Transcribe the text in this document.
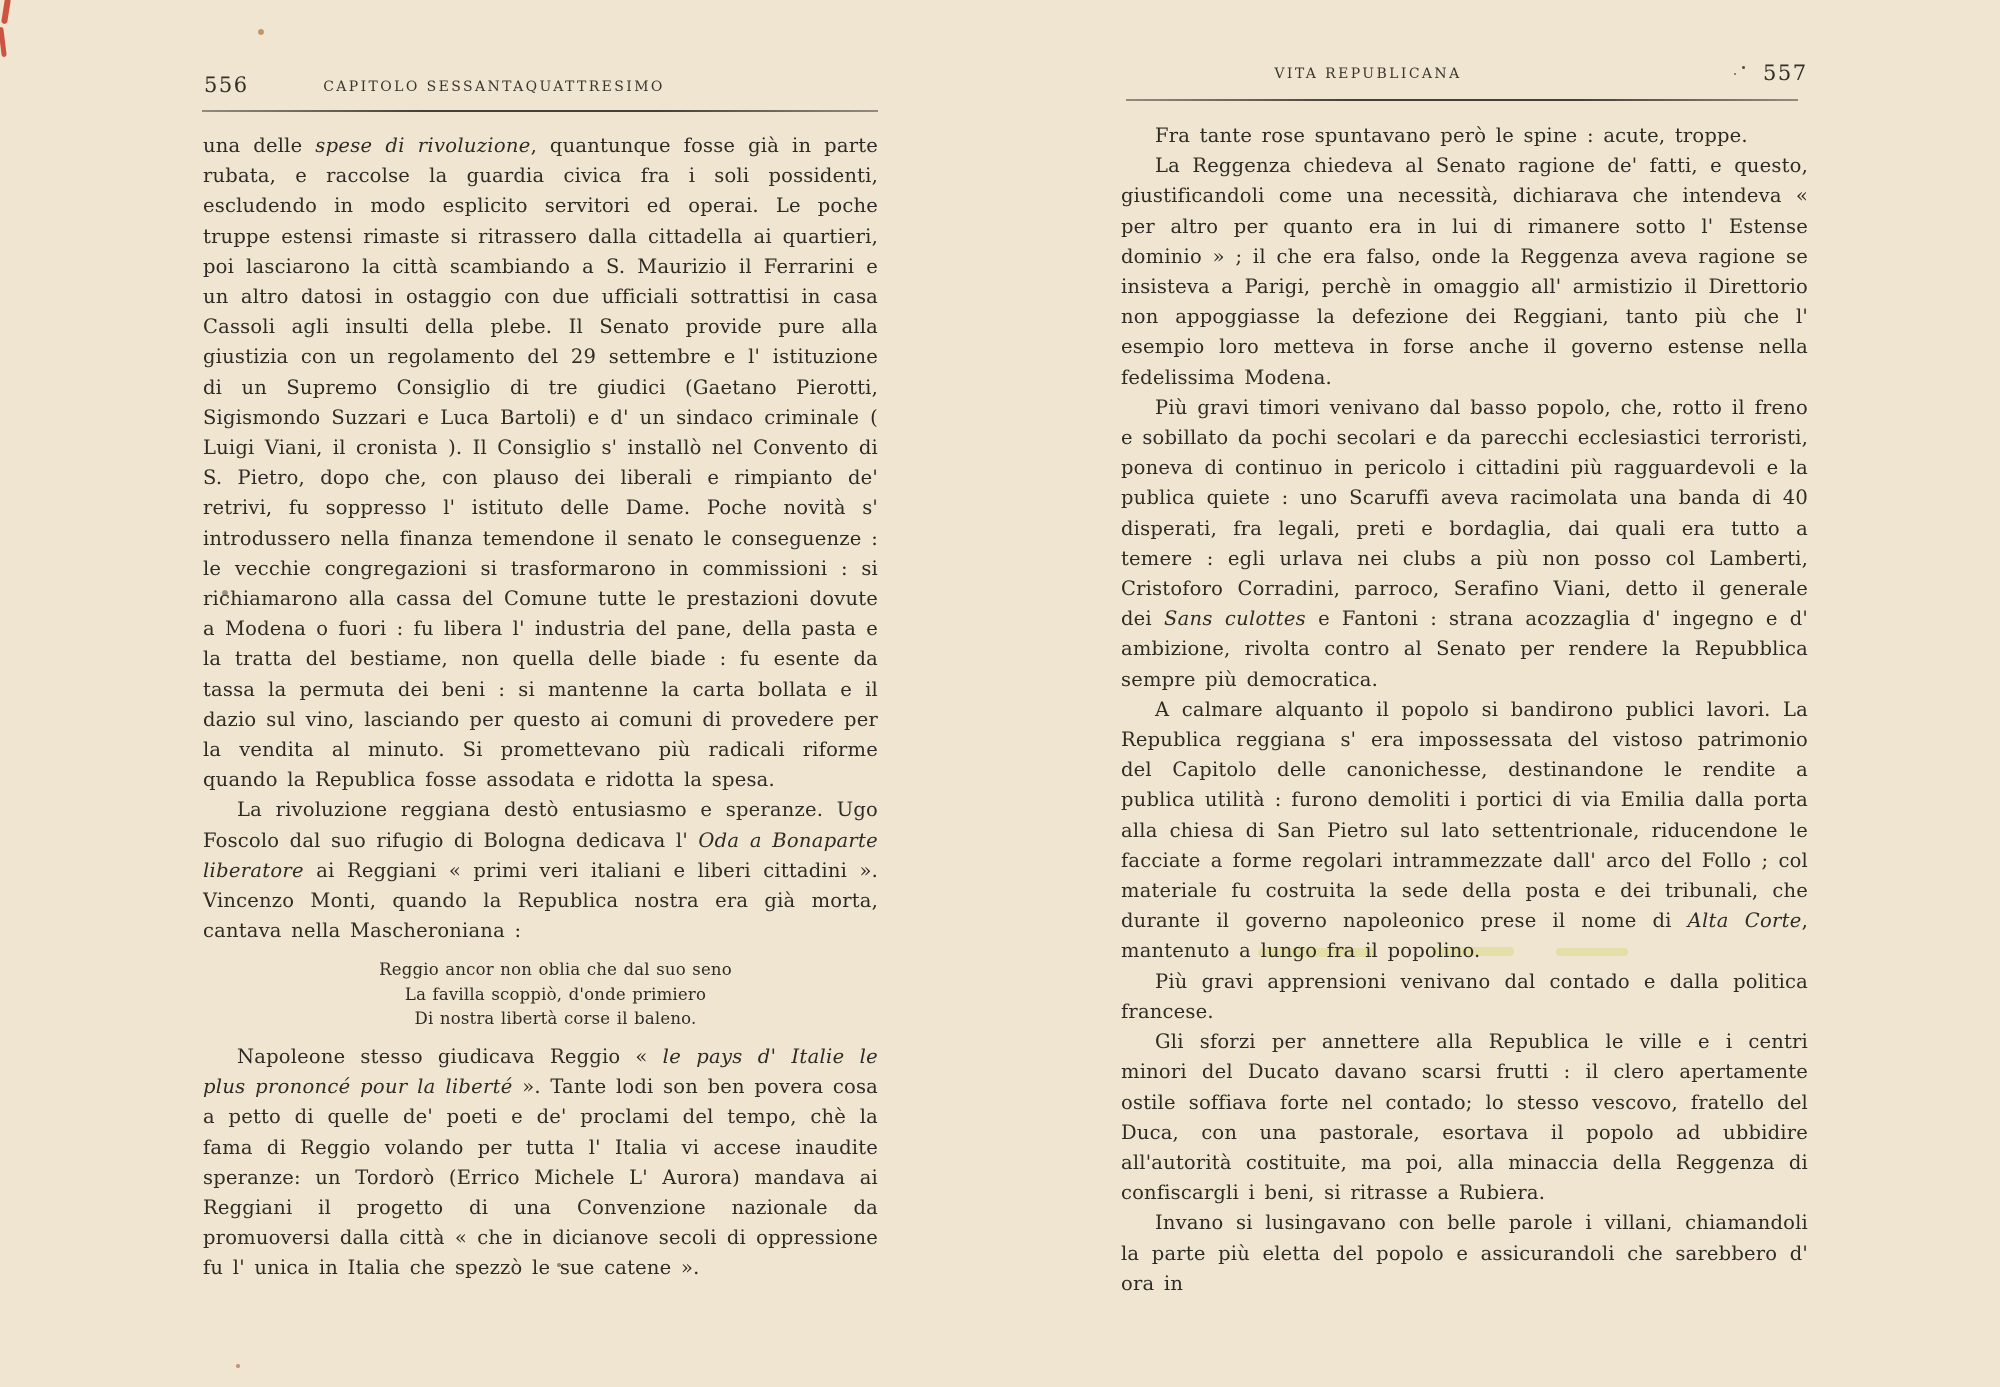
556	CAPITOLO SESSANTAQUATTRESIMO

una delle spese di rivoluzione, quantunque fosse già in parte rubata, e raccolse la guardia civica fra i soli possidenti, escludendo in modo esplicito servitori ed operai. Le poche truppe estensi rimaste si ritrassero dalla cittadella ai quartieri, poi lasciarono la città scambiando a S. Maurizio il Ferrarini e un altro datosi in ostaggio con due ufficiali sottrattisi in casa Cassoli agli insulti della plebe. Il Senato provide pure alla giustizia con un regolamento del 29 settembre e l' istituzione di un Supremo Consiglio di tre giudici (Gaetano Pierotti, Sigismondo Suzzari e Luca Bartoli) e d' un sindaco criminale ( Luigi Viani, il cronista ). Il Consiglio s' installò nel Convento di S. Pietro, dopo che, con plauso dei liberali e rimpianto de' retrivi, fu soppresso l' istituto delle Dame. Poche novità s' introdussero nella finanza temendone il senato le conseguenze : le vecchie congregazioni si trasformarono in commissioni : si richiamarono alla cassa del Comune tutte le prestazioni dovute a Modena o fuori : fu libera l' industria del pane, della pasta e la tratta del bestiame, non quella delle biade : fu esente da tassa la permuta dei beni : si mantenne la carta bollata e il dazio sul vino, lasciando per questo ai comuni di provedere per la vendita al minuto. Si promettevano più radicali riforme quando la Republica fosse assodata e ridotta la spesa.

La rivoluzione reggiana destò entusiasmo e speranze. Ugo Foscolo dal suo rifugio di Bologna dedicava l' Oda a Bonaparte liberatore ai Reggiani « primi veri italiani e liberi cittadini ». Vincenzo Monti, quando la Republica nostra era già morta, cantava nella Mascheroniana :

Reggio ancor non oblia che dal suo seno
La favilla scoppiò, d'onde primiero
Di nostra libertà corse il baleno.

Napoleone stesso giudicava Reggio « le pays d' Italie le plus prononcé pour la liberté ». Tante lodi son ben povera cosa a petto di quelle de' poeti e de' proclami del tempo, chè la fama di Reggio volando per tutta l' Italia vi accese inaudite speranze: un Tordorò (Errico Michele L' Aurora) mandava ai Reggiani il progetto di una Convenzione nazionale da promuoversi dalla città « che in dicianove secoli di oppressione fu l' unica in Italia che spezzò le sue catene ».

VITA REPUBLICANA	557

Fra tante rose spuntavano però le spine : acute, troppe.

La Reggenza chiedeva al Senato ragione de' fatti, e questo, giustificandoli come una necessità, dichiarava che intendeva « per altro per quanto era in lui di rimanere sotto l' Estense dominio » ; il che era falso, onde la Reggenza aveva ragione se insisteva a Parigi, perchè in omaggio all' armistizio il Direttorio non appoggiasse la defezione dei Reggiani, tanto più che l' esempio loro metteva in forse anche il governo estense nella fedelissima Modena.

Più gravi timori venivano dal basso popolo, che, rotto il freno e sobillato da pochi secolari e da parecchi ecclesiastici terroristi, poneva di continuo in pericolo i cittadini più ragguardevoli e la publica quiete : uno Scaruffi aveva racimolata una banda di 40 disperati, fra legali, preti e bordaglia, dai quali era tutto a temere : egli urlava nei clubs a più non posso col Lamberti, Cristoforo Corradini, parroco, Serafino Viani, detto il generale dei Sans culottes e Fantoni : strana acozzaglia d' ingegno e d' ambizione, rivolta contro al Senato per rendere la Repubblica sempre più democratica.

A calmare alquanto il popolo si bandirono publici lavori. La Republica reggiana s' era impossessata del vistoso patrimonio del Capitolo delle canonichesse, destinandone le rendite a publica utilità : furono demoliti i portici di via Emilia dalla porta alla chiesa di San Pietro sul lato settentrionale, riducendone le facciate a forme regolari intrammezzate dall' arco del Follo ; col materiale fu costruita la sede della posta e dei tribunali, che durante il governo napoleonico prese il nome di Alta Corte, mantenuto a lungo fra il popolino.

Più gravi apprensioni venivano dal contado e dalla politica francese.

Gli sforzi per annettere alla Republica le ville e i centri minori del Ducato davano scarsi frutti : il clero apertamente ostile soffiava forte nel contado; lo stesso vescovo, fratello del Duca, con una pastorale, esortava il popolo ad ubbidire all'autorità costituite, ma poi, alla minaccia della Reggenza di confiscargli i beni, si ritrasse a Rubiera.

Invano si lusingavano con belle parole i villani, chiamandoli la parte più eletta del popolo e assicurandoli che sarebbero d' ora in
